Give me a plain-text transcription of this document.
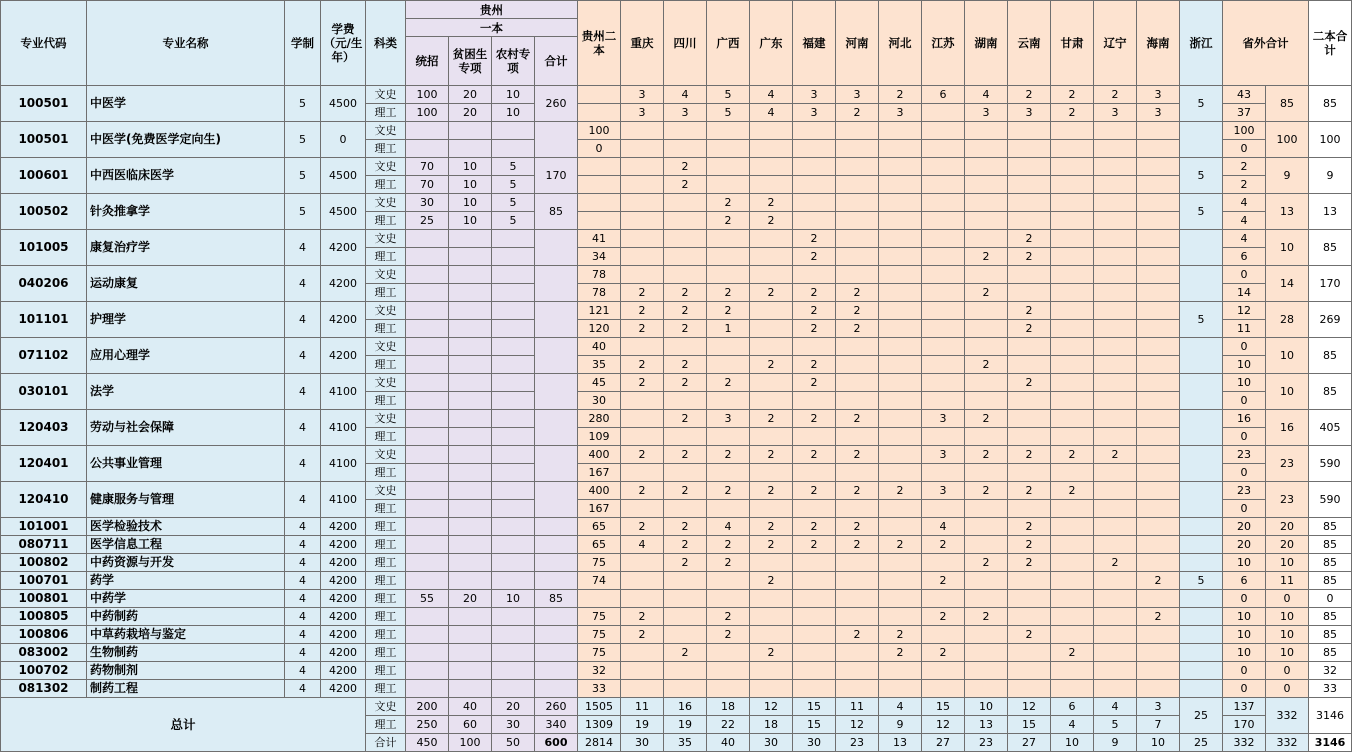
专业代码	专业名称	学制	学费（元/生年）	科类	贵州				贵州二本	重庆	四川	广西	广东	福建	河南	河北	江苏	湖南	云南	甘肃	辽宁	海南	浙江	省外合计		二本合计
					一本																					
					统招	贫困生专项	农村专项	合计																		
100501	中医学	5	4500	文史	100	20	10	260		3	4	5	4	3	3	2	6	4	2	2	2	3	5	43	85	85
				理工	100	20	10			3	3	5	4	3	2	3		3	3	2	3	3		37		
100501	中医学(免费医学定向生)	5	0	文史					100															100	100	100
				理工					0															0		
100601	中西医临床医学	5	4500	文史	70	10	5	170			2												5	2	9	9
				理工	70	10	5				2													2		
100502	针灸推拿学	5	4500	文史	30	10	5	85				2	2										5	4	13	13
				理工	25	10	5					2	2											4		
101005	康复治疗学	4	4200	文史					41					2					2					4	10	85
				理工					34					2				2	2					6		
040206	运动康复	4	4200	文史					78															0	14	170
				理工					78	2	2	2	2	2	2			2						14		
101101	护理学	4	4200	文史					121	2	2	2		2	2				2				5	12	28	269
				理工					120	2	2	1		2	2				2					11		
071102	应用心理学	4	4200	文史					40															0	10	85
				理工					35	2	2		2	2				2						10		
030101	法学	4	4100	文史					45	2	2	2		2					2					10	10	85
				理工					30															0		
120403	劳动与社会保障	4	4100	文史					280		2	3	2	2	2		3	2						16	16	405
				理工					109															0		
120401	公共事业管理	4	4100	文史					400	2	2	2	2	2	2		3	2	2	2	2			23	23	590
				理工					167															0		
120410	健康服务与管理	4	4100	文史					400	2	2	2	2	2	2	2	3	2	2	2				23	23	590
				理工					167															0		
101001	医学检验技术	4	4200	理工					65	2	2	4	2	2	2		4		2					20	20	85
080711	医学信息工程	4	4200	理工					65	4	2	2	2	2	2	2	2		2					20	20	85
100802	中药资源与开发	4	4200	理工					75		2	2						2	2		2			10	10	85
100701	药学	4	4200	理工					74				2				2					2	5	6	11	85
100801	中药学	4	4200	理工	55	20	10	85																0	0	0
100805	中药制药	4	4200	理工					75	2		2					2	2				2		10	10	85
100806	中草药栽培与鉴定	4	4200	理工					75	2		2			2	2			2					10	10	85
083002	生物制药	4	4200	理工					75		2		2			2	2			2				10	10	85
100702	药物制剂	4	4200	理工					32															0	0	32
081302	制药工程	4	4200	理工					33															0	0	33
总计				文史	200	40	20	260	1505	11	16	18	12	15	11	4	15	10	12	6	4	3	25	137	332	3146
				理工	250	60	30	340	1309	19	19	22	18	15	12	9	12	13	15	4	5	7		170		
				合计	450	100	50	600	2814	30	35	40	30	30	23	13	27	23	27	10	9	10	25	332	332	3146
